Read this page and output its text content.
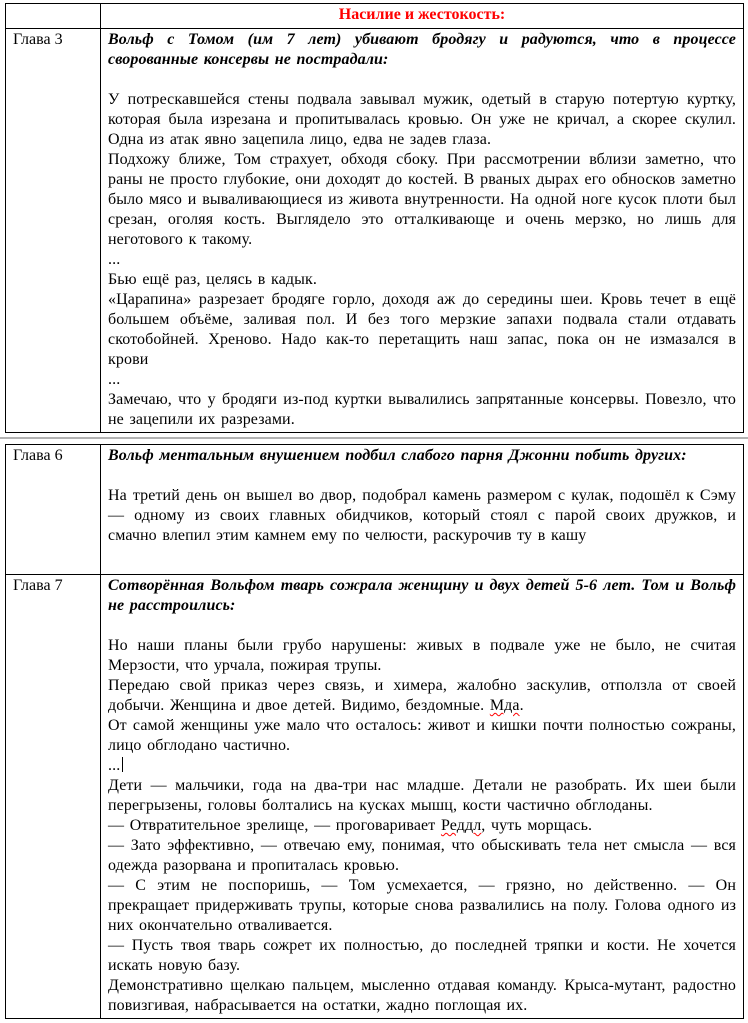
	Насилие и жестокость:
Глава 3	Вольф с Томом (им 7 лет) убивают бродягу и радуются, что в процессе сворованные консервы не пострадали:

У потрескавшейся стены подвала завывал мужик, одетый в старую потертую куртку, которая была изрезана и пропитывалась кровью. Он уже не кричал, а скорее скулил. Одна из атак явно зацепила лицо, едва не задев глаза.

Подхожу ближе, Том страхует, обходя сбоку. При рассмотрении вблизи заметно, что раны не просто глубокие, они доходят до костей. В рваных дырах его обносков заметно было мясо и вываливающиеся из живота внутренности. На одной ноге кусок плоти был срезан, оголяя кость. Выглядело это отталкивающе и очень мерзко, но лишь для неготового к такому.

...

Бью ещё раз, целясь в кадык.

«Царапина» разрезает бродяге горло, доходя аж до середины шеи. Кровь течет в ещё большем объёме, заливая пол. И без того мерзкие запахи подвала стали отдавать скотобойней. Хреново. Надо как-то перетащить наш запас, пока он не измазался в крови

...

Замечаю, что у бродяги из-под куртки вывалились запрятанные консервы. Повезло, что не зацепили их разрезами.

Глава 6	Вольф ментальным внушением подбил слабого парня Джонни побить других:

На третий день он вышел во двор, подобрал камень размером с кулак, подошёл к Сэму — одному из своих главных обидчиков, который стоял с парой своих дружков, и смачно влепил этим камнем ему по челюсти, раскурочив ту в кашу

Глава 7	Сотворённая Вольфом тварь сожрала женщину и двух детей 5-6 лет. Том и Вольф не расстроились:

Но наши планы были грубо нарушены: живых в подвале уже не было, не считая Мерзости, что урчала, пожирая трупы.

Передаю свой приказ через связь, и химера, жалобно заскулив, отползла от своей добычи. Женщина и двое детей. Видимо, бездомные. Мда.

От самой женщины уже мало что осталось: живот и кишки почти полностью сожраны, лицо обглодано частично.

...

Дети — мальчики, года на два-три нас младше. Детали не разобрать. Их шеи были перегрызены, головы болтались на кусках мышц, кости частично обглоданы.

— Отвратительное зрелище, — проговаривает Реддл, чуть морщась.

— Зато эффективно, — отвечаю ему, понимая, что обыскивать тела нет смысла — вся одежда разорвана и пропиталась кровью.

— С этим не поспоришь, — Том усмехается, — грязно, но действенно. — Он прекращает придерживать трупы, которые снова развалились на полу. Голова одного из них окончательно отваливается.

— Пусть твоя тварь сожрет их полностью, до последней тряпки и кости. Не хочется искать новую базу.

Демонстративно щелкаю пальцем, мысленно отдавая команду. Крыса-мутант, радостно повизгивая, набрасывается на остатки, жадно поглощая их.
